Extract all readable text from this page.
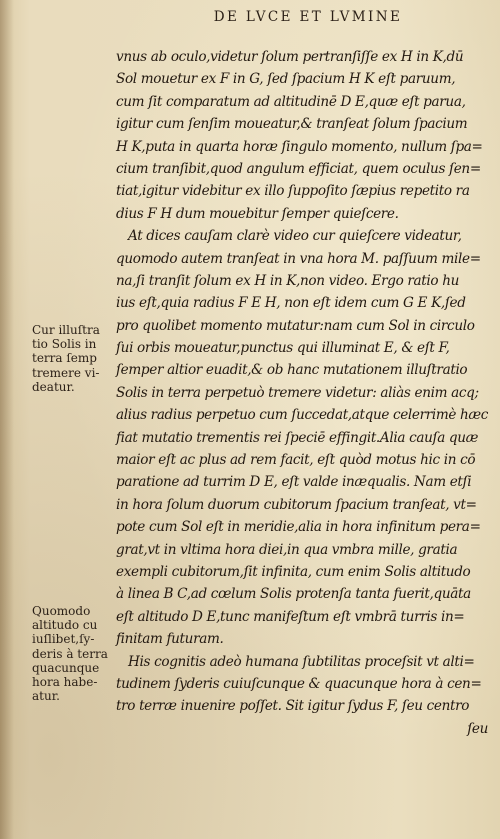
DE LVCE ET LVMINE
vnus ab oculo,videtur ſolum pertranſiſſe ex H in K,dū
Sol mouetur ex F in G, ſed ſpacium H K eſt paruum,
cum ſit comparatum ad altitudinē D E,quæ eſt parua,
igitur cum ſenſim moueatur,& tranſeat ſolum ſpacium
H K,puta in quarta horæ ſingulo momento, nullum ſpa=
cium tranſibit,quod angulum efficiat, quem oculus ſen=
tiat,igitur videbitur ex illo ſuppoſito ſæpius repetito ra
dius F H dum mouebitur ſemper quieſcere.
At dices cauſam clarè video cur quieſcere videatur,
quomodo autem tranſeat in vna hora M. paſſuum mile=
na,ſi tranſit ſolum ex H in K,non video. Ergo ratio hu
ius eſt,quia radius F E H, non eſt idem cum G E K,ſed
pro quolibet momento mutatur:nam cum Sol in circulo
ſui orbis moueatur,punctus qui illuminat E, & eſt F,
ſemper altior euadit,& ob hanc mutationem illuſtratio
Solis in terra perpetuò tremere videtur: aliàs enim acq;
alius radius perpetuo cum ſuccedat,atque celerrimè hæc
fiat mutatio trementis rei ſpeciē effingit.Alia cauſa quæ
maior eſt ac plus ad rem facit, eſt quòd motus hic in cō
paratione ad turrim D E, eſt valde inæqualis. Nam etſi
in hora ſolum duorum cubitorum ſpacium tranſeat, vt=
pote cum Sol eſt in meridie,alia in hora infinitum pera=
grat,vt in vltima hora diei,in qua vmbra mille, gratia
exempli cubitorum,ſit infinita, cum enim Solis altitudo
à linea B C,ad cœlum Solis protenſa tanta fuerit,quāta
eſt altitudo D E,tunc manifeſtum eſt vmbrā turris in=
finitam futuram.
His cognitis adeò humana ſubtilitas proceſsit vt alti=
tudinem ſyderis cuiuſcunque & quacunque hora à cen=
tro terræ inuenire poſſet. Sit igitur ſydus F, ſeu centro
ſeu
Cur illuſtra
tio Solis in
terra ſemp
tremere vi-
deatur.
Quomodo
altitudo cu
iuſlibet,ſy-
deris à terra
quacunque
hora habe-
atur.
